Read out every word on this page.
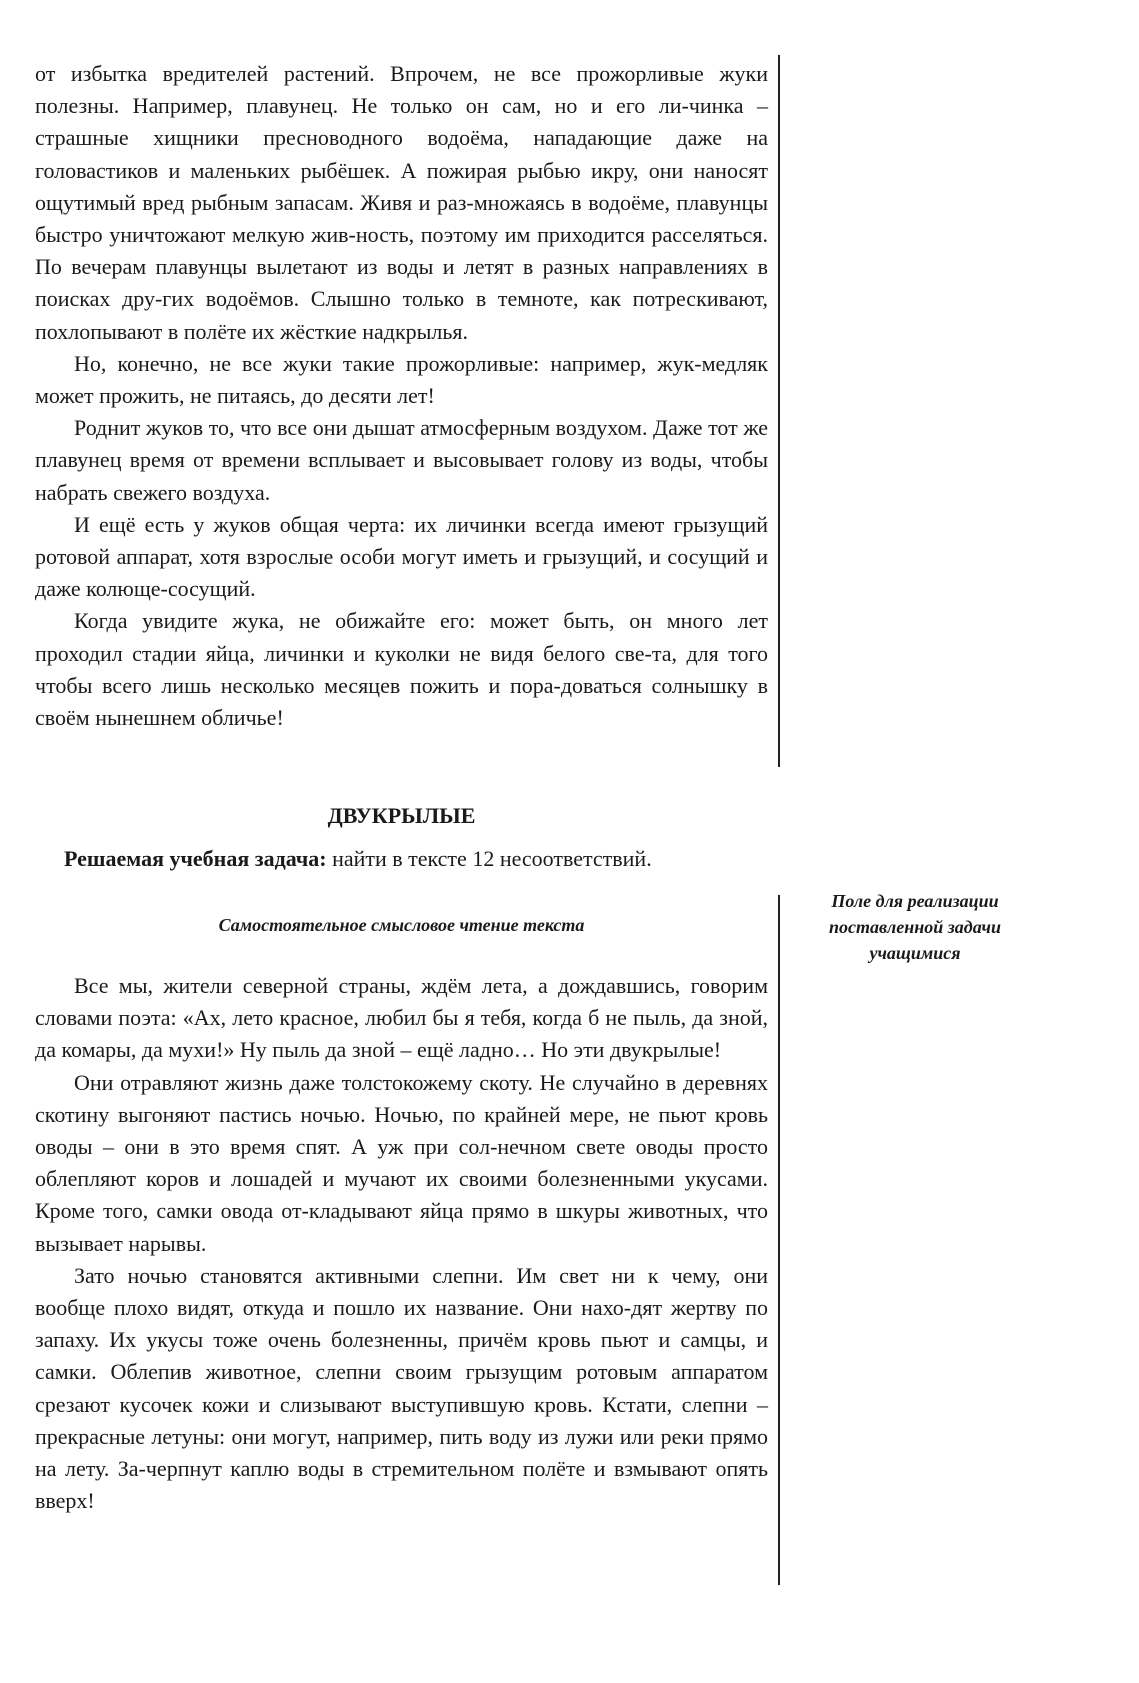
от избытка вредителей растений. Впрочем, не все прожорливые жуки полезны. Например, плавунец. Не только он сам, но и его ли-чинка – страшные хищники пресноводного водоёма, нападающие даже на головастиков и маленьких рыбёшек. А пожирая рыбью икру, они наносят ощутимый вред рыбным запасам. Живя и раз-множаясь в водоёме, плавунцы быстро уничтожают мелкую жив-ность, поэтому им приходится расселяться. По вечерам плавунцы вылетают из воды и летят в разных направлениях в поисках дру-гих водоёмов. Слышно только в темноте, как потрескивают, похлопывают в полёте их жёсткие надкрылья.

Но, конечно, не все жуки такие прожорливые: например, жук-медляк может прожить, не питаясь, до десяти лет!

Роднит жуков то, что все они дышат атмосферным воздухом. Даже тот же плавунец время от времени всплывает и высовывает голову из воды, чтобы набрать свежего воздуха.

И ещё есть у жуков общая черта: их личинки всегда имеют грызущий ротовой аппарат, хотя взрослые особи могут иметь и грызущий, и сосущий и даже колюще-сосущий.

Когда увидите жука, не обижайте его: может быть, он много лет проходил стадии яйца, личинки и куколки не видя белого све-та, для того чтобы всего лишь несколько месяцев пожить и пора-доваться солнышку в своём нынешнем обличье!

ДВУКРЫЛЫЕ
Решаемая учебная задача: найти в тексте 12 несоответствий.
Самостоятельное смысловое чтение текста
Поле для реализации поставленной задачи учащимися

Все мы, жители северной страны, ждём лета, а дождавшись, говорим словами поэта: «Ах, лето красное, любил бы я тебя, когда б не пыль, да зной, да комары, да мухи!» Ну пыль да зной – ещё ладно… Но эти двукрылые!

Они отравляют жизнь даже толстокожему скоту. Не случайно в деревнях скотину выгоняют пастись ночью. Ночью, по крайней мере, не пьют кровь оводы – они в это время спят. А уж при сол-нечном свете оводы просто облепляют коров и лошадей и мучают их своими болезненными укусами. Кроме того, самки овода от-кладывают яйца прямо в шкуры животных, что вызывает нарывы.

Зато ночью становятся активными слепни. Им свет ни к чему, они вообще плохо видят, откуда и пошло их название. Они нахо-дят жертву по запаху. Их укусы тоже очень болезненны, причём кровь пьют и самцы, и самки. Облепив животное, слепни своим грызущим ротовым аппаратом срезают кусочек кожи и слизывают выступившую кровь. Кстати, слепни – прекрасные летуны: они могут, например, пить воду из лужи или реки прямо на лету. За-черпнут каплю воды в стремительном полёте и взмывают опять вверх!
